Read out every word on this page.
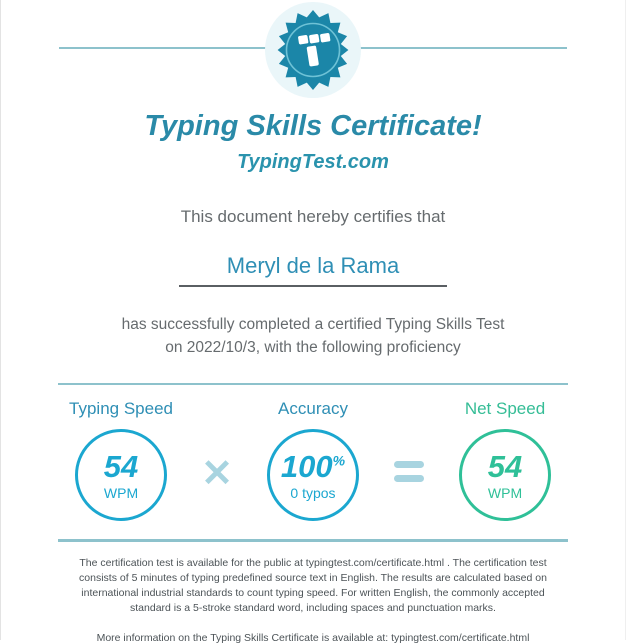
Typing Skills Certificate!
TypingTest.com
This document hereby certifies that
Meryl de la Rama
has successfully completed a certified Typing Skills Test on 2022/10/3, with the following proficiency
Typing Speed
54
WPM ✕
Accuracy
100%
0 typos
Net Speed
54
WPM
The certification test is available for the public at typingtest.com/certificate.html . The certification test consists of 5 minutes of typing predefined source text in English. The results are calculated based on international industrial standards to count typing speed. For written English, the commonly accepted standard is a 5-stroke standard word, including spaces and punctuation marks.
More information on the Typing Skills Certificate is available at: typingtest.com/certificate.html
